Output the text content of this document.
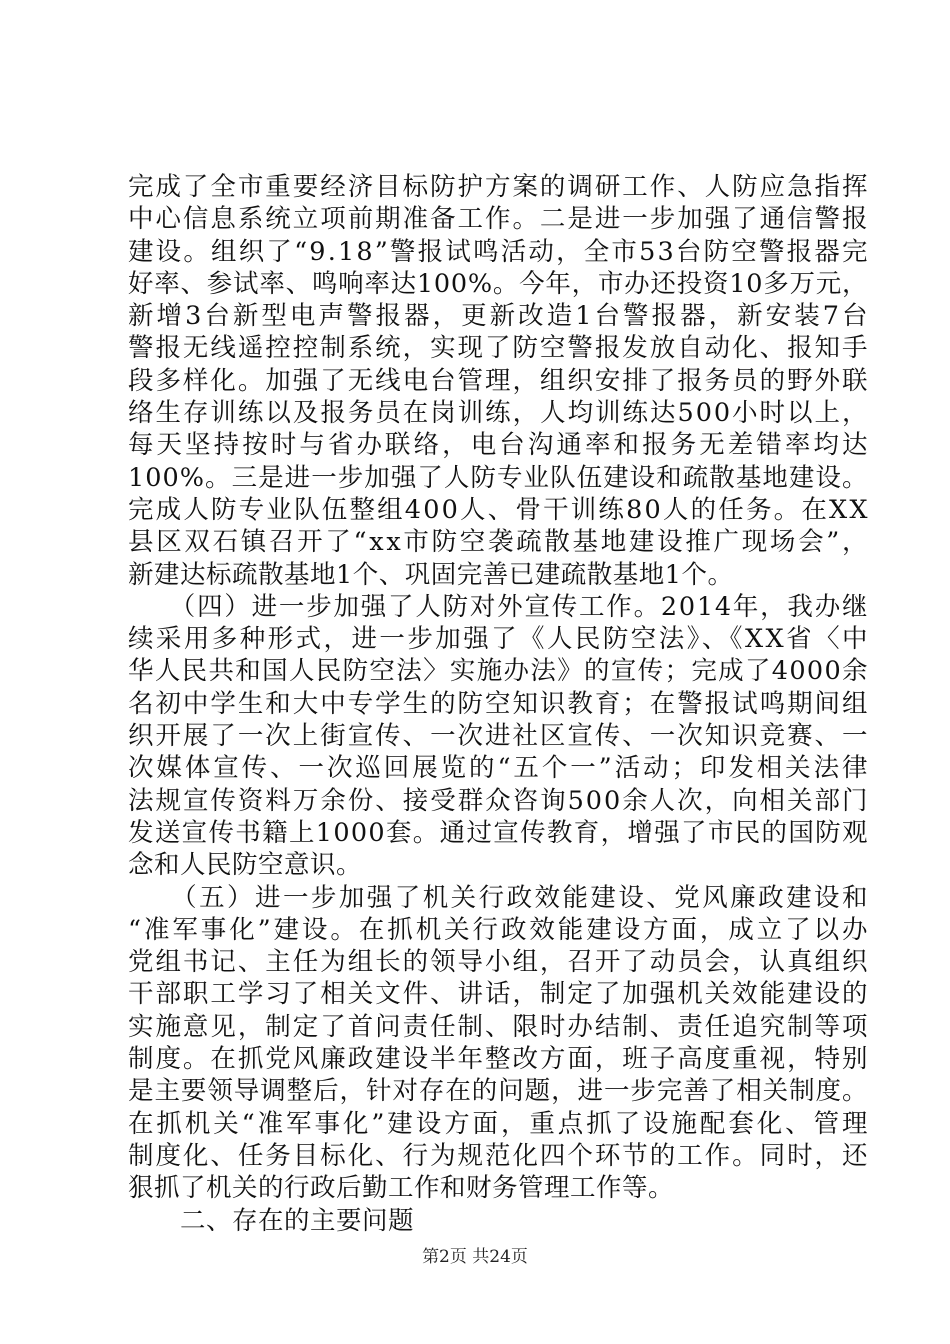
完成了全市重要经济目标防护方案的调研工作、人防应急指挥
中心信息系统立项前期准备工作。二是进一步加强了通信警报
建设。组织了“9.18”警报试鸣活动，全市53台防空警报器完
好率、参试率、鸣响率达100%。今年，市办还投资10多万元，
新增3台新型电声警报器，更新改造1台警报器，新安装7台
警报无线遥控控制系统，实现了防空警报发放自动化、报知手
段多样化。加强了无线电台管理，组织安排了报务员的野外联
络生存训练以及报务员在岗训练，人均训练达500小时以上，
每天坚持按时与省办联络，电台沟通率和报务无差错率均达
100%。三是进一步加强了人防专业队伍建设和疏散基地建设。
完成人防专业队伍整组400人、骨干训练80人的任务。在XX
县区双石镇召开了“xx市防空袭疏散基地建设推广现场会”，
新建达标疏散基地1个、巩固完善已建疏散基地1个。
　　（四）进一步加强了人防对外宣传工作。2014年，我办继
续采用多种形式，进一步加强了《人民防空法》、《XX省〈中
华人民共和国人民防空法〉实施办法》的宣传；完成了4000余
名初中学生和大中专学生的防空知识教育；在警报试鸣期间组
织开展了一次上街宣传、一次进社区宣传、一次知识竞赛、一
次媒体宣传、一次巡回展览的“五个一”活动；印发相关法律
法规宣传资料万余份、接受群众咨询500余人次，向相关部门
发送宣传书籍上1000套。通过宣传教育，增强了市民的国防观
念和人民防空意识。
　　（五）进一步加强了机关行政效能建设、党风廉政建设和
“准军事化”建设。在抓机关行政效能建设方面，成立了以办
党组书记、主任为组长的领导小组，召开了动员会，认真组织
干部职工学习了相关文件、讲话，制定了加强机关效能建设的
实施意见，制定了首问责任制、限时办结制、责任追究制等项
制度。在抓党风廉政建设半年整改方面，班子高度重视，特别
是主要领导调整后，针对存在的问题，进一步完善了相关制度。
在抓机关“准军事化”建设方面，重点抓了设施配套化、管理
制度化、任务目标化、行为规范化四个环节的工作。同时，还
狠抓了机关的行政后勤工作和财务管理工作等。
　　二、存在的主要问题
第2页 共24页
